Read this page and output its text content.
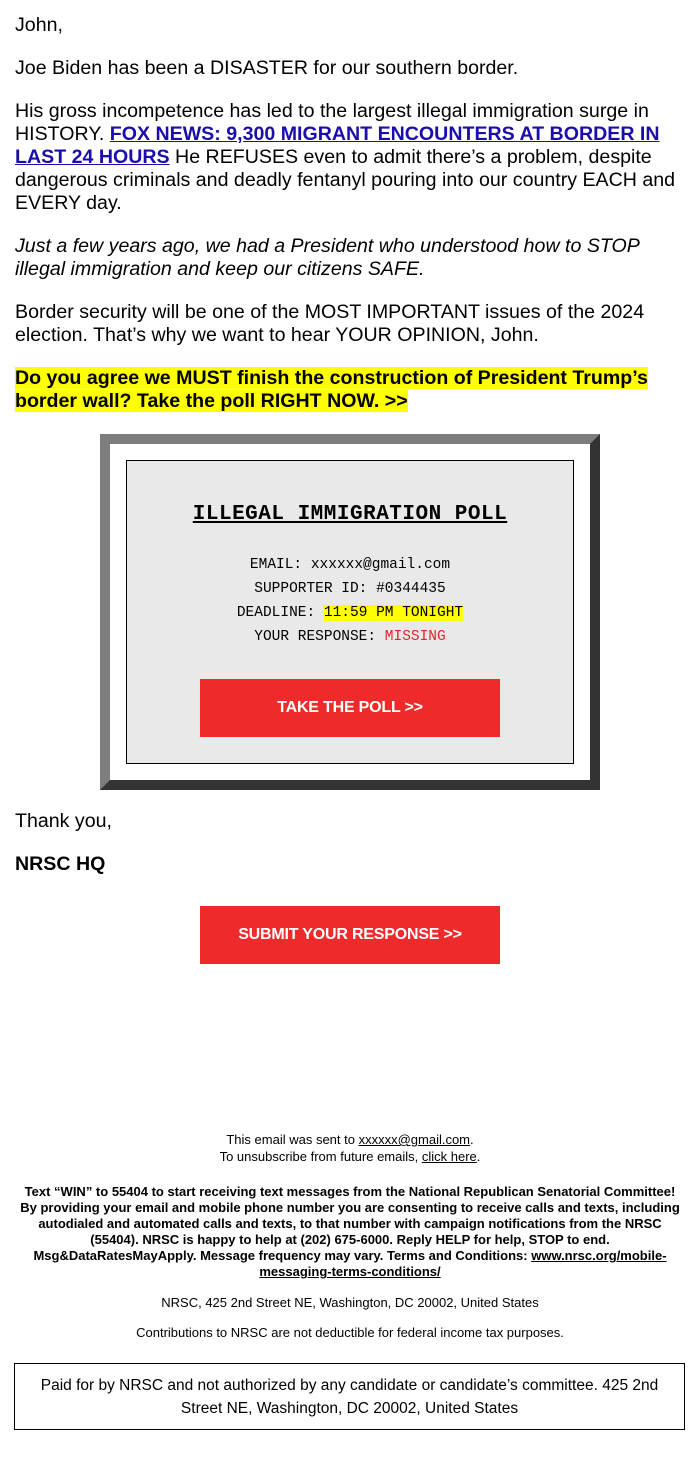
John,

Joe Biden has been a DISASTER for our southern border.

His gross incompetence has led to the largest illegal immigration surge in HISTORY. FOX NEWS: 9,300 MIGRANT ENCOUNTERS AT BORDER IN LAST 24 HOURS He REFUSES even to admit there’s a problem, despite dangerous criminals and deadly fentanyl pouring into our country EACH and EVERY day.

Just a few years ago, we had a President who understood how to STOP illegal immigration and keep our citizens SAFE.

Border security will be one of the MOST IMPORTANT issues of the 2024 election. That’s why we want to hear YOUR OPINION, John.

Do you agree we MUST finish the construction of President Trump’s border wall? Take the poll RIGHT NOW. >>

ILLEGAL IMMIGRATION POLL
EMAIL: xxxxxx@gmail.com
SUPPORTER ID: #0344435
DEADLINE: 11:59 PM TONIGHT
YOUR RESPONSE: MISSING
TAKE THE POLL >>
Thank you,
NRSC HQ
SUBMIT YOUR RESPONSE >>
This email was sent to xxxxxx@gmail.com.
To unsubscribe from future emails, click here.
Text “WIN” to 55404 to start receiving text messages from the National Republican Senatorial Committee! By providing your email and mobile phone number you are consenting to receive calls and texts, including autodialed and automated calls and texts, to that number with campaign notifications from the NRSC (55404). NRSC is happy to help at (202) 675-6000. Reply HELP for help, STOP to end. Msg&DataRatesMayApply. Message frequency may vary. Terms and Conditions: www.nrsc.org/mobile-messaging-terms-conditions/
NRSC, 425 2nd Street NE, Washington, DC 20002, United States
Contributions to NRSC are not deductible for federal income tax purposes.
Paid for by NRSC and not authorized by any candidate or candidate’s committee. 425 2nd Street NE, Washington, DC 20002, United States
